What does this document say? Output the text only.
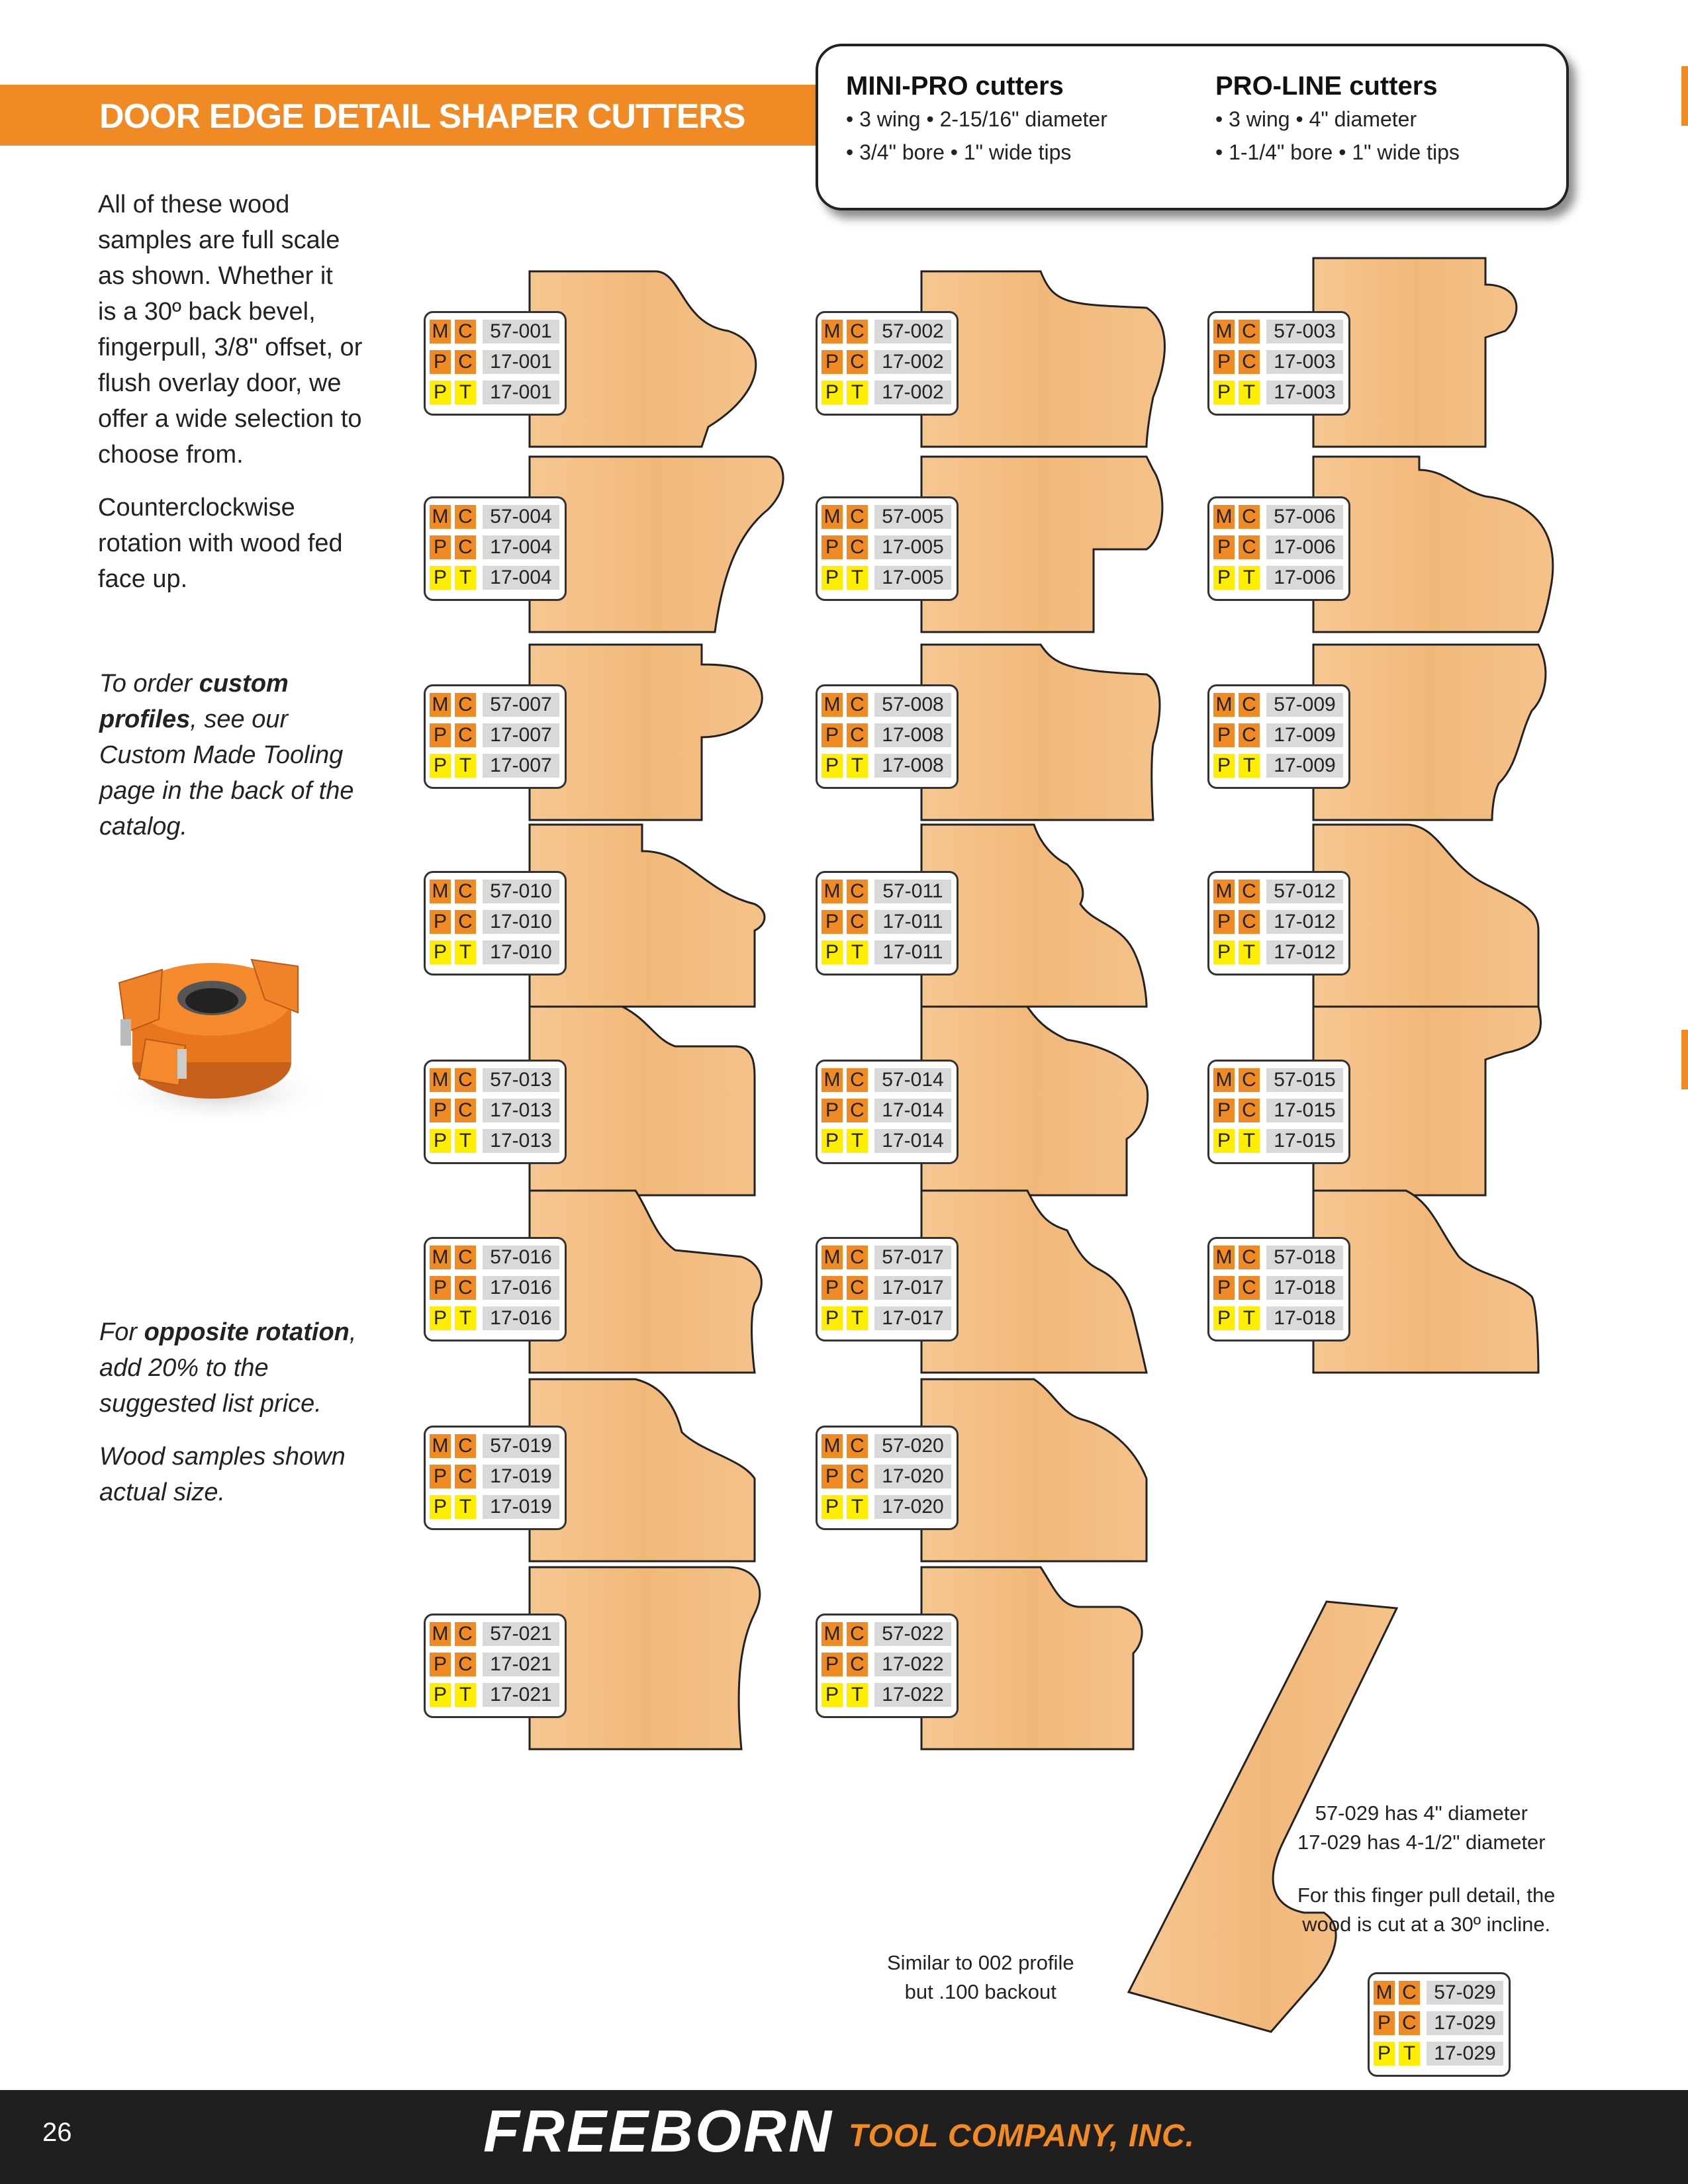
DOOR EDGE DETAIL SHAPER CUTTERS
MINI-PRO cutters
• 3 wing • 2-15/16" diameter
• 3/4" bore • 1" wide tips
PRO-LINE cutters
• 3 wing • 4" diameter
• 1-1/4" bore • 1" wide tips
All of these wood
samples are full scale
as shown. Whether it
is a 30º back bevel,
fingerpull, 3/8" offset, or
flush overlay door, we
offer a wide selection to
choose from.
Counterclockwise
rotation with wood fed
face up.
To order custom
profiles, see our
Custom Made Tooling
page in the back of the
catalog.
For opposite rotation,
add 20% to the
suggested list price.
Wood samples shown
actual size.
M C 57-001
P C 17-001
P T 17-001
M C 57-002
P C 17-002
P T 17-002
M C 57-003
P C 17-003
P T 17-003
M C 57-004
P C 17-004
P T 17-004
M C 57-005
P C 17-005
P T 17-005
M C 57-006
P C 17-006
P T 17-006
M C 57-007
P C 17-007
P T 17-007
M C 57-008
P C 17-008
P T 17-008
M C 57-009
P C 17-009
P T 17-009
M C 57-010
P C 17-010
P T 17-010
M C 57-011
P C 17-011
P T 17-011
M C 57-012
P C 17-012
P T 17-012
M C 57-013
P C 17-013
P T 17-013
M C 57-014
P C 17-014
P T 17-014
M C 57-015
P C 17-015
P T 17-015
M C 57-016
P C 17-016
P T 17-016
M C 57-017
P C 17-017
P T 17-017
M C 57-018
P C 17-018
P T 17-018
M C 57-019
P C 17-019
P T 17-019
M C 57-020
P C 17-020
P T 17-020
M C 57-021
P C 17-021
P T 17-021
M C 57-022
P C 17-022
P T 17-022
M C 57-029
P C 17-029
P T 17-029
Similar to 002 profile
but .100 backout
57-029 has 4" diameter
17-029 has 4-1/2" diameter
For this finger pull detail, the
wood is cut at a 30º incline.
26	FREEBORN TOOL COMPANY, INC.
